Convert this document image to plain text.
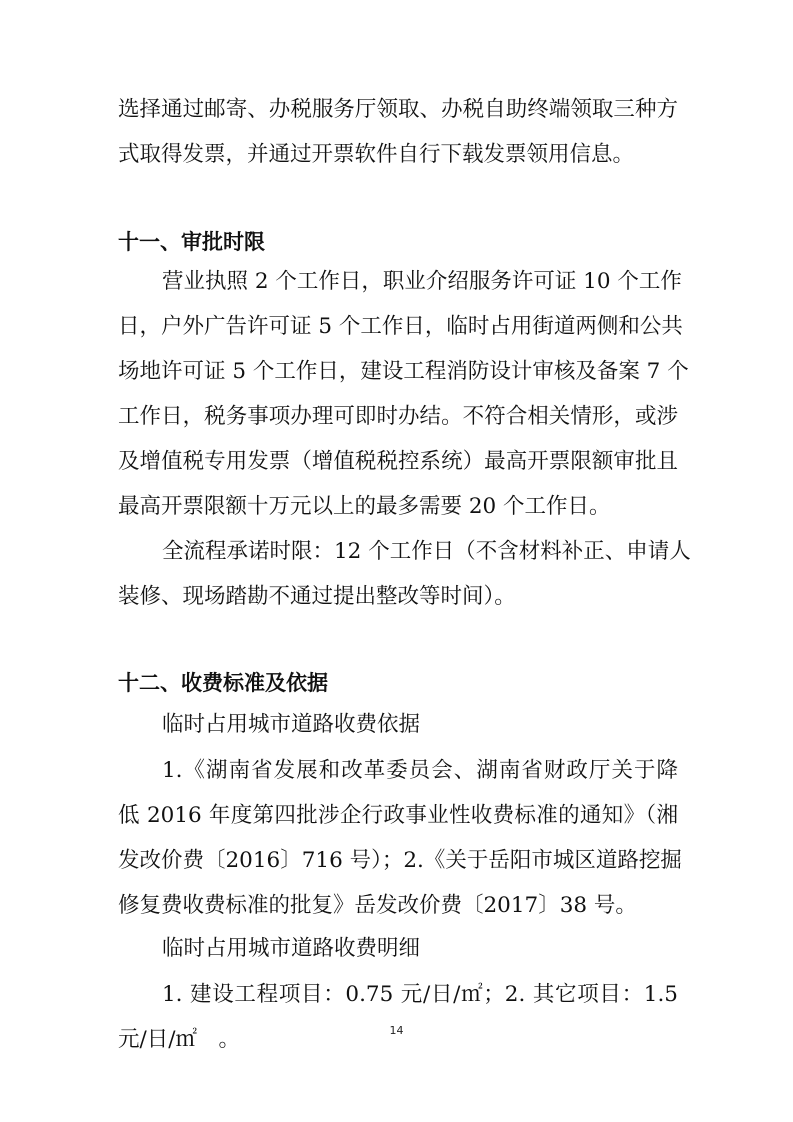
选择通过邮寄、办税服务厅领取、办税自助终端领取三种方
式取得发票，并通过开票软件自行下载发票领用信息。
十一、审批时限
营业执照 2 个工作日，职业介绍服务许可证 10 个工作
日，户外广告许可证 5 个工作日，临时占用街道两侧和公共
场地许可证 5 个工作日，建设工程消防设计审核及备案 7 个
工作日，税务事项办理可即时办结。不符合相关情形，或涉
及增值税专用发票（增值税税控系统）最高开票限额审批且
最高开票限额十万元以上的最多需要 20 个工作日。
全流程承诺时限：12 个工作日（不含材料补正、申请人
装修、现场踏勘不通过提出整改等时间）。
十二、收费标准及依据
临时占用城市道路收费依据
1.《湖南省发展和改革委员会、湖南省财政厅关于降
低 2016 年度第四批涉企行政事业性收费标准的通知》（湘
发改价费〔2016〕716 号）；2.《关于岳阳市城区道路挖掘
修复费收费标准的批复》岳发改价费〔2017〕38 号。
临时占用城市道路收费明细
1. 建设工程项目：0.75 元/日/㎡；2. 其它项目：1.5
元/日/㎡　。	14
